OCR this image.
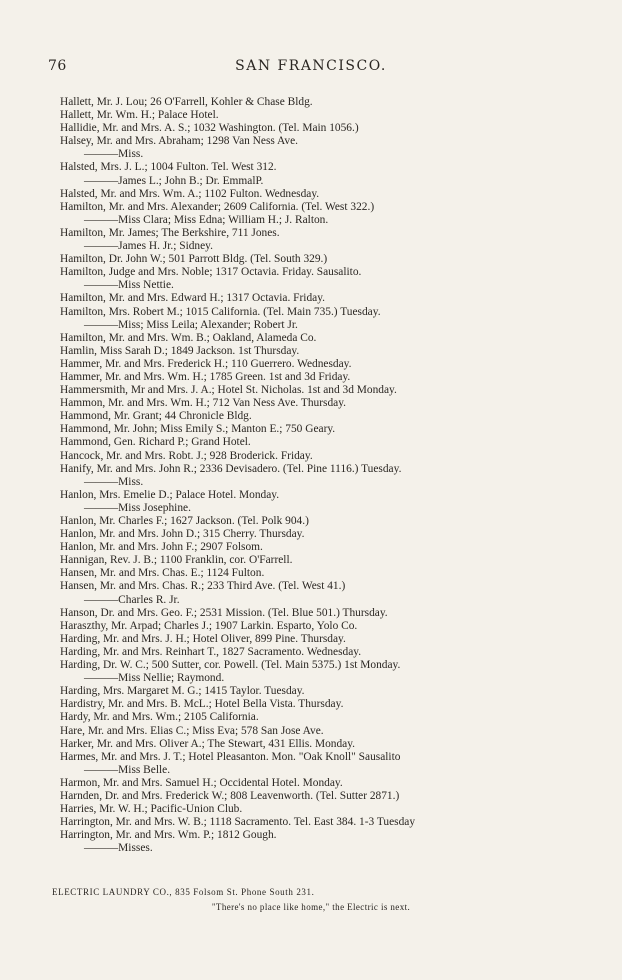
76	SAN FRANCISCO.
Hallett, Mr. J. Lou; 26 O'Farrell, Kohler & Chase Bldg.
Hallett, Mr. Wm. H.; Palace Hotel.
Hallidie, Mr. and Mrs. A. S.; 1032 Washington. (Tel. Main 1056.)
Halsey, Mr. and Mrs. Abraham; 1298 Van Ness Ave.
———Miss.
Halsted, Mrs. J. L.; 1004 Fulton. Tel. West 312.
———James L.; John B.; Dr. EmmalP.
Halsted, Mr. and Mrs. Wm. A.; 1102 Fulton. Wednesday.
Hamilton, Mr. and Mrs. Alexander; 2609 California. (Tel. West 322.)
———Miss Clara; Miss Edna; William H.; J. Ralton.
Hamilton, Mr. James; The Berkshire, 711 Jones.
———James H. Jr.; Sidney.
Hamilton, Dr. John W.; 501 Parrott Bldg. (Tel. South 329.)
Hamilton, Judge and Mrs. Noble; 1317 Octavia. Friday. Sausalito.
———Miss Nettie.
Hamilton, Mr. and Mrs. Edward H.; 1317 Octavia. Friday.
Hamilton, Mrs. Robert M.; 1015 California. (Tel. Main 735.) Tuesday.
———Miss; Miss Leila; Alexander; Robert Jr.
Hamilton, Mr. and Mrs. Wm. B.; Oakland, Alameda Co.
Hamlin, Miss Sarah D.; 1849 Jackson. 1st Thursday.
Hammer, Mr. and Mrs. Frederick H.; 110 Guerrero. Wednesday.
Hammer, Mr. and Mrs. Wm. H.; 1785 Green. 1st and 3d Friday.
Hammersmith, Mr and Mrs. J. A.; Hotel St. Nicholas. 1st and 3d Monday.
Hammon, Mr. and Mrs. Wm. H.; 712 Van Ness Ave. Thursday.
Hammond, Mr. Grant; 44 Chronicle Bldg.
Hammond, Mr. John; Miss Emily S.; Manton E.; 750 Geary.
Hammond, Gen. Richard P.; Grand Hotel.
Hancock, Mr. and Mrs. Robt. J.; 928 Broderick. Friday.
Hanify, Mr. and Mrs. John R.; 2336 Devisadero. (Tel. Pine 1116.) Tuesday.
———Miss.
Hanlon, Mrs. Emelie D.; Palace Hotel. Monday.
———Miss Josephine.
Hanlon, Mr. Charles F.; 1627 Jackson. (Tel. Polk 904.)
Hanlon, Mr. and Mrs. John D.; 315 Cherry. Thursday.
Hanlon, Mr. and Mrs. John F.; 2907 Folsom.
Hannigan, Rev. J. B.; 1100 Franklin, cor. O'Farrell.
Hansen, Mr. and Mrs. Chas. E.; 1124 Fulton.
Hansen, Mr. and Mrs. Chas. R.; 233 Third Ave. (Tel. West 41.)
———Charles R. Jr.
Hanson, Dr. and Mrs. Geo. F.; 2531 Mission. (Tel. Blue 501.) Thursday.
Haraszthy, Mr. Arpad; Charles J.; 1907 Larkin. Esparto, Yolo Co.
Harding, Mr. and Mrs. J. H.; Hotel Oliver, 899 Pine. Thursday.
Harding, Mr. and Mrs. Reinhart T., 1827 Sacramento. Wednesday.
Harding, Dr. W. C.; 500 Sutter, cor. Powell. (Tel. Main 5375.) 1st Monday.
———Miss Nellie; Raymond.
Harding, Mrs. Margaret M. G.; 1415 Taylor. Tuesday.
Hardistry, Mr. and Mrs. B. McL.; Hotel Bella Vista. Thursday.
Hardy, Mr. and Mrs. Wm.; 2105 California.
Hare, Mr. and Mrs. Elias C.; Miss Eva; 578 San Jose Ave.
Harker, Mr. and Mrs. Oliver A.; The Stewart, 431 Ellis. Monday.
Harmes, Mr. and Mrs. J. T.; Hotel Pleasanton. Mon. "Oak Knoll" Sausalito
———Miss Belle.
Harmon, Mr. and Mrs. Samuel H.; Occidental Hotel. Monday.
Harnden, Dr. and Mrs. Frederick W.; 808 Leavenworth. (Tel. Sutter 2871.)
Harries, Mr. W. H.; Pacific-Union Club.
Harrington, Mr. and Mrs. W. B.; 1118 Sacramento. Tel. East 384. 1-3 Tuesday
Harrington, Mr. and Mrs. Wm. P.; 1812 Gough.
———Misses.
ELECTRIC LAUNDRY CO., 835 Folsom St. Phone South 231.
"There's no place like home," the Electric is next.
